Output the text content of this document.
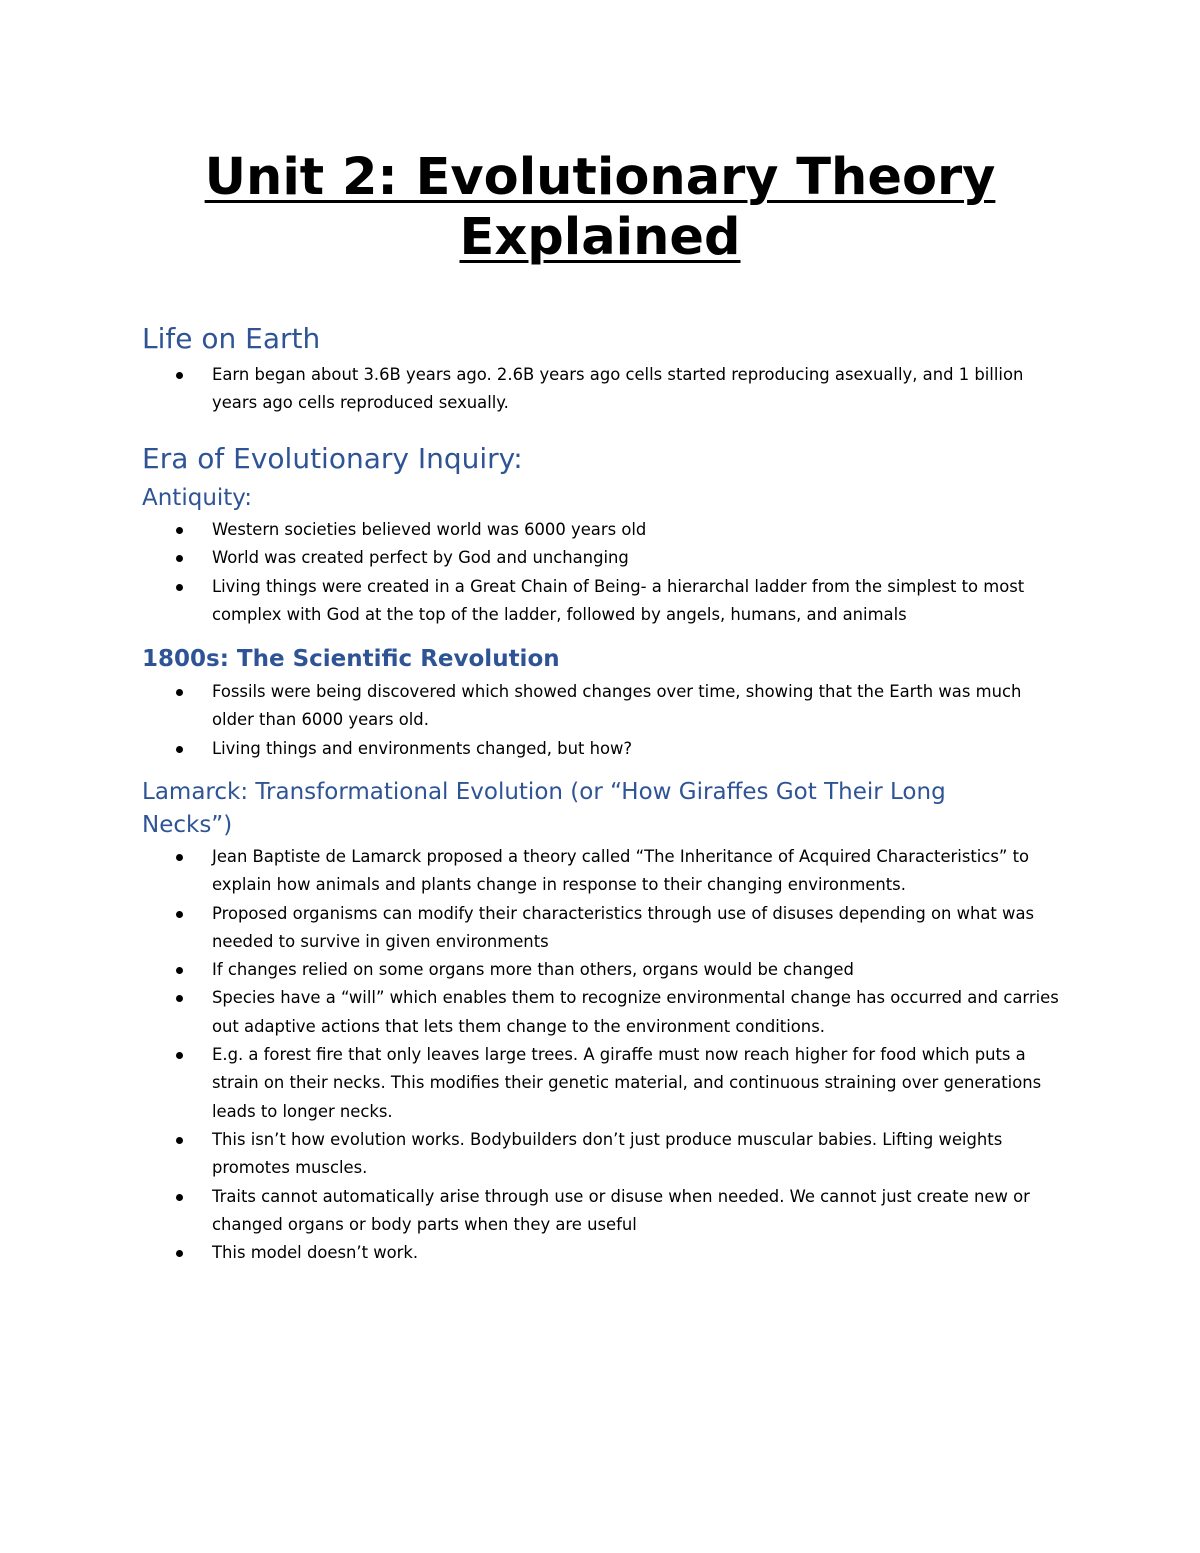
Unit 2: Evolutionary Theory
Explained
Life on Earth
Earn began about 3.6B years ago. 2.6B years ago cells started reproducing asexually, and 1 billion years ago cells reproduced sexually.
Era of Evolutionary Inquiry:
Antiquity:
Western societies believed world was 6000 years old
World was created perfect by God and unchanging
Living things were created in a Great Chain of Being- a hierarchal ladder from the simplest to most complex with God at the top of the ladder, followed by angels, humans, and animals
1800s: The Scientific Revolution
Fossils were being discovered which showed changes over time, showing that the Earth was much older than 6000 years old.
Living things and environments changed, but how?
Lamarck: Transformational Evolution (or “How Giraffes Got Their Long
Necks”)
Jean Baptiste de Lamarck proposed a theory called “The Inheritance of Acquired Characteristics” to explain how animals and plants change in response to their changing environments.
Proposed organisms can modify their characteristics through use of disuses depending on what was needed to survive in given environments
If changes relied on some organs more than others, organs would be changed
Species have a “will” which enables them to recognize environmental change has occurred and carries out adaptive actions that lets them change to the environment conditions.
E.g. a forest fire that only leaves large trees. A giraffe must now reach higher for food which puts a strain on their necks. This modifies their genetic material, and continuous straining over generations leads to longer necks.
This isn’t how evolution works. Bodybuilders don’t just produce muscular babies. Lifting weights promotes muscles.
Traits cannot automatically arise through use or disuse when needed. We cannot just create new or changed organs or body parts when they are useful
This model doesn’t work.
